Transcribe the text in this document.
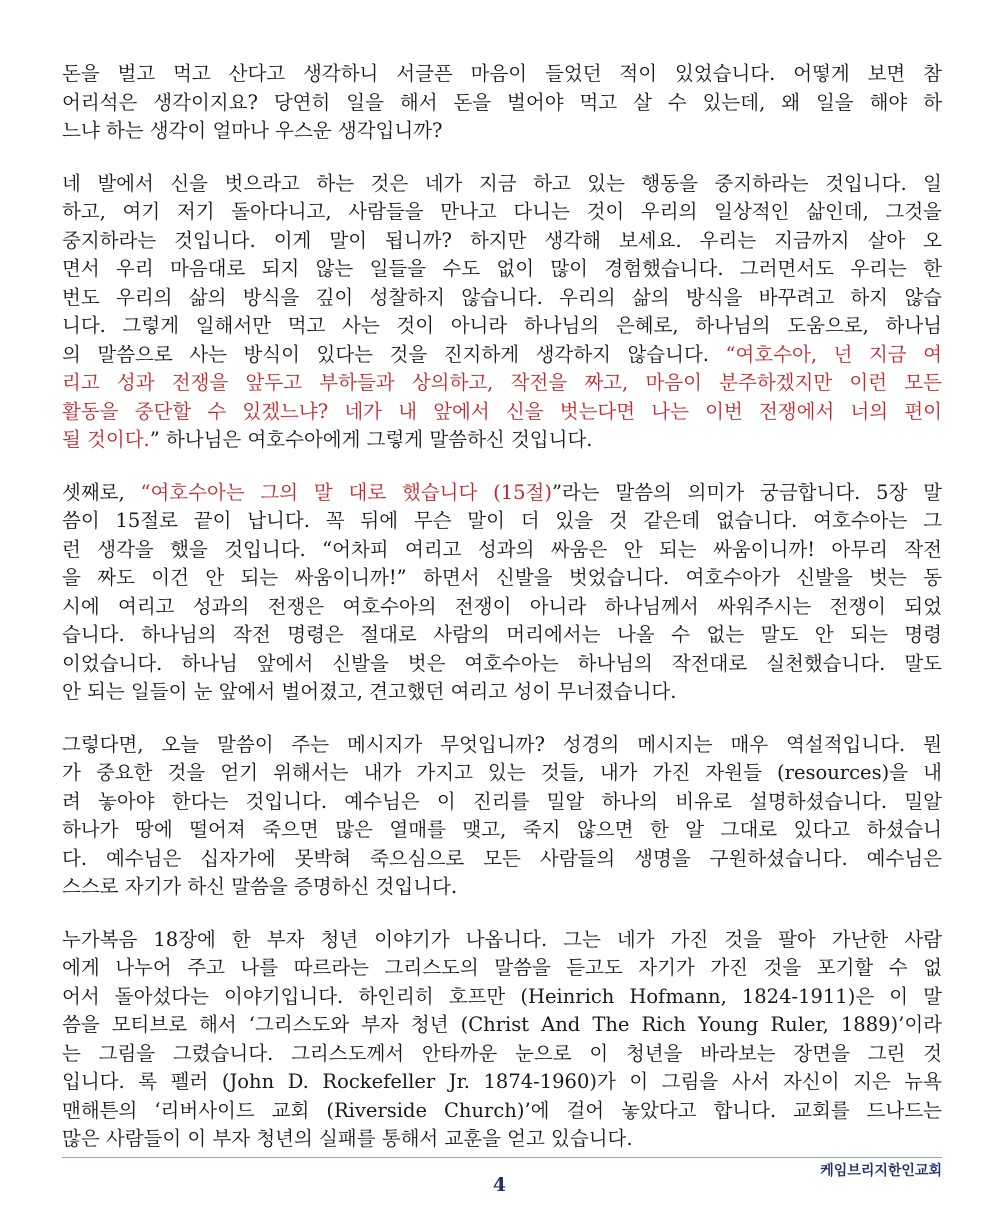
돈을 벌고 먹고 산다고 생각하니 서글픈 마음이 들었던 적이 있었습니다. 어떻게 보면 참
어리석은 생각이지요? 당연히 일을 해서 돈을 벌어야 먹고 살 수 있는데, 왜 일을 해야 하
느냐 하는 생각이 얼마나 우스운 생각입니까?
네 발에서 신을 벗으라고 하는 것은 네가 지금 하고 있는 행동을 중지하라는 것입니다. 일
하고, 여기 저기 돌아다니고, 사람들을 만나고 다니는 것이 우리의 일상적인 삶인데, 그것을
중지하라는 것입니다. 이게 말이 됩니까? 하지만 생각해 보세요. 우리는 지금까지 살아 오
면서 우리 마음대로 되지 않는 일들을 수도 없이 많이 경험했습니다. 그러면서도 우리는 한
번도 우리의 삶의 방식을 깊이 성찰하지 않습니다. 우리의 삶의 방식을 바꾸려고 하지 않습
니다. 그렇게 일해서만 먹고 사는 것이 아니라 하나님의 은혜로, 하나님의 도움으로, 하나님
의 말씀으로 사는 방식이 있다는 것을 진지하게 생각하지 않습니다. “여호수아, 넌 지금 여
리고 성과 전쟁을 앞두고 부하들과 상의하고, 작전을 짜고, 마음이 분주하겠지만 이런 모든
활동을 중단할 수 있겠느냐? 네가 내 앞에서 신을 벗는다면 나는 이번 전쟁에서 너의 편이
될 것이다.” 하나님은 여호수아에게 그렇게 말씀하신 것입니다.
셋째로, “여호수아는 그의 말 대로 했습니다 (15절)”라는 말씀의 의미가 궁금합니다. 5장 말
씀이 15절로 끝이 납니다. 꼭 뒤에 무슨 말이 더 있을 것 같은데 없습니다. 여호수아는 그
런 생각을 했을 것입니다. “어차피 여리고 성과의 싸움은 안 되는 싸움이니까! 아무리 작전
을 짜도 이건 안 되는 싸움이니까!” 하면서 신발을 벗었습니다. 여호수아가 신발을 벗는 동
시에 여리고 성과의 전쟁은 여호수아의 전쟁이 아니라 하나님께서 싸워주시는 전쟁이 되었
습니다. 하나님의 작전 명령은 절대로 사람의 머리에서는 나올 수 없는 말도 안 되는 명령
이었습니다. 하나님 앞에서 신발을 벗은 여호수아는 하나님의 작전대로 실천했습니다. 말도
안 되는 일들이 눈 앞에서 벌어졌고, 견고했던 여리고 성이 무너졌습니다.
그렇다면, 오늘 말씀이 주는 메시지가 무엇입니까? 성경의 메시지는 매우 역설적입니다. 뭔
가 중요한 것을 얻기 위해서는 내가 가지고 있는 것들, 내가 가진 자원들 (resources)을 내
려 놓아야 한다는 것입니다. 예수님은 이 진리를 밀알 하나의 비유로 설명하셨습니다. 밀알
하나가 땅에 떨어져 죽으면 많은 열매를 맺고, 죽지 않으면 한 알 그대로 있다고 하셨습니
다. 예수님은 십자가에 못박혀 죽으심으로 모든 사람들의 생명을 구원하셨습니다. 예수님은
스스로 자기가 하신 말씀을 증명하신 것입니다.
누가복음 18장에 한 부자 청년 이야기가 나옵니다. 그는 네가 가진 것을 팔아 가난한 사람
에게 나누어 주고 나를 따르라는 그리스도의 말씀을 듣고도 자기가 가진 것을 포기할 수 없
어서 돌아섰다는 이야기입니다. 하인리히 호프만 (Heinrich Hofmann, 1824-1911)은 이 말
씀을 모티브로 해서 ‘그리스도와 부자 청년 (Christ And The Rich Young Ruler, 1889)’이라
는 그림을 그렸습니다. 그리스도께서 안타까운 눈으로 이 청년을 바라보는 장면을 그린 것
입니다. 록 펠러 (John D. Rockefeller Jr. 1874-1960)가 이 그림을 사서 자신이 지은 뉴욕
맨해튼의 ‘리버사이드 교회 (Riverside Church)’에 걸어 놓았다고 합니다. 교회를 드나드는
많은 사람들이 이 부자 청년의 실패를 통해서 교훈을 얻고 있습니다.
케임브리지한인교회
4
